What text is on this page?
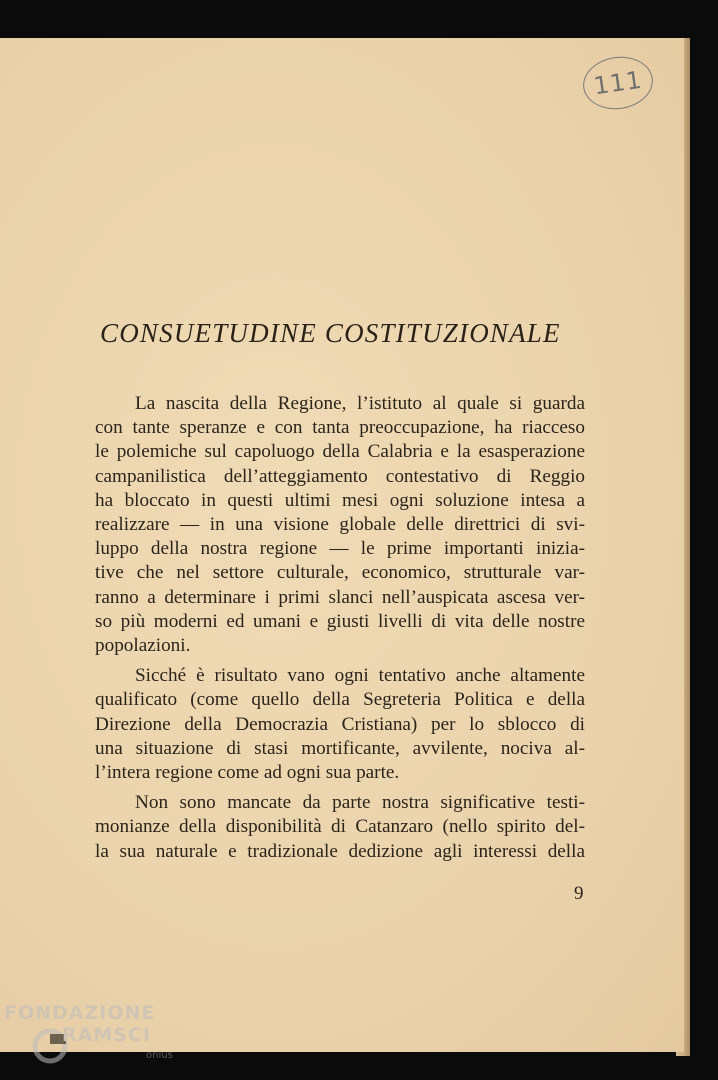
111
CONSUETUDINE COSTITUZIONALE

La nascita della Regione, l’istituto al quale si guarda
con tante speranze e con tanta preoccupazione, ha riacceso
le polemiche sul capoluogo della Calabria e la esasperazione
campanilistica dell’atteggiamento contestativo di Reggio
ha bloccato in questi ultimi mesi ogni soluzione intesa a
realizzare — in una visione globale delle direttrici di svi-
luppo della nostra regione — le prime importanti inizia-
tive che nel settore culturale, economico, strutturale var-
ranno a determinare i primi slanci nell’auspicata ascesa ver-
so più moderni ed umani e giusti livelli di vita delle nostre
popolazioni.

Sicché è risultato vano ogni tentativo anche altamente
qualificato (come quello della Segreteria Politica e della
Direzione della Democrazia Cristiana) per lo sblocco di
una situazione di stasi mortificante, avvilente, nociva al-
l’intera regione come ad ogni sua parte.

Non sono mancate da parte nostra significative testi-
monianze della disponibilità di Catanzaro (nello spirito del-
la sua naturale e tradizionale dedizione agli interessi della

9
FONDAZIONE
RAMSCI
onlus
